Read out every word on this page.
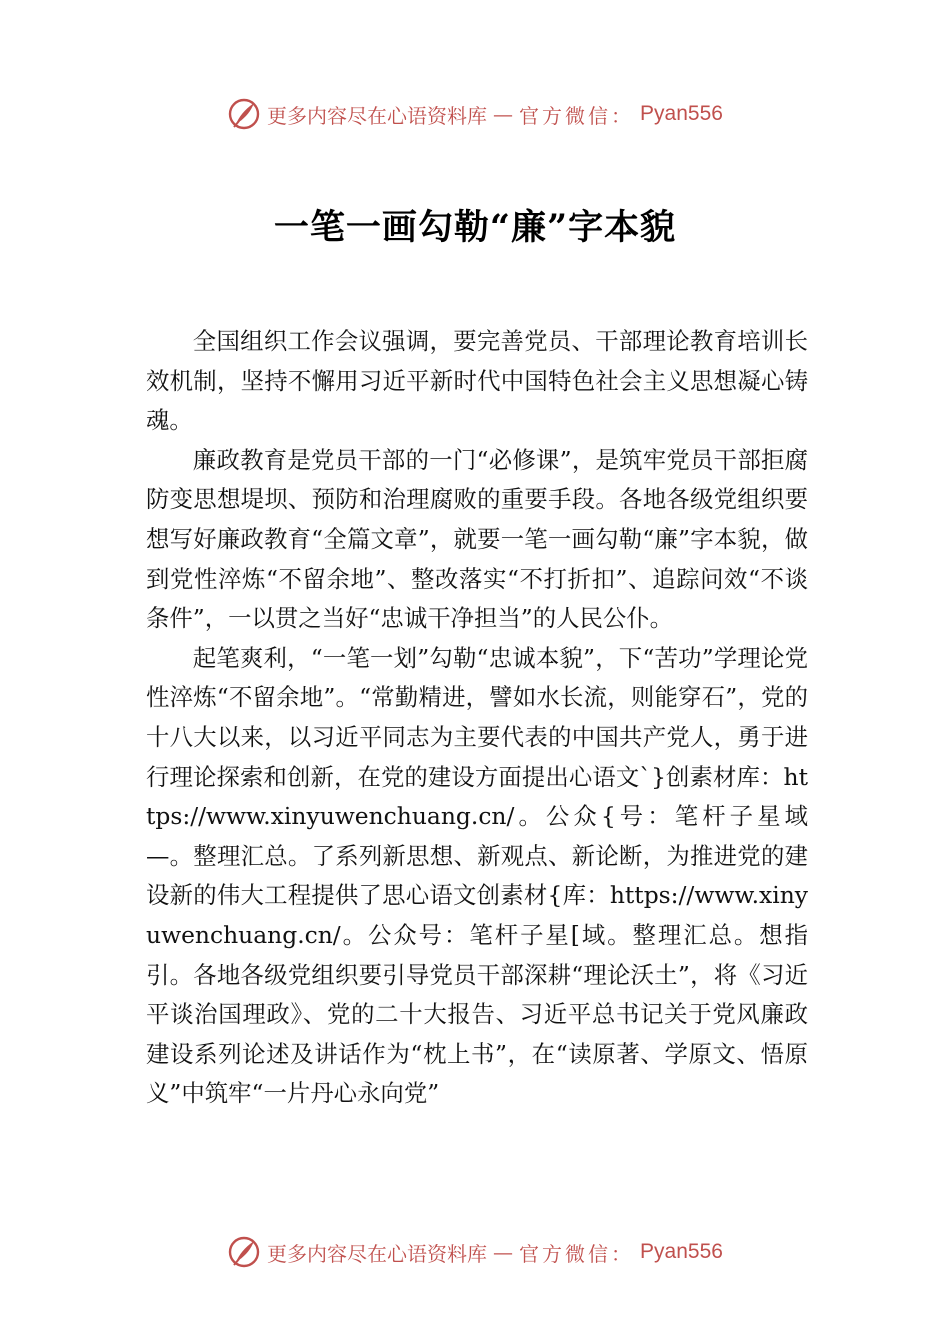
更多内容尽在心语资料库 — 官方微信： Pyan556
一笔一画勾勒“廉”字本貌

全国组织工作会议强调，要完善党员、干部理论教育培训长效机制，坚持不懈用习近平新时代中国特色社会主义思想凝心铸魂。

廉政教育是党员干部的一门“必修课”，是筑牢党员干部拒腐防变思想堤坝、预防和治理腐败的重要手段。各地各级党组织要想写好廉政教育“全篇文章”，就要一笔一画勾勒“廉”字本貌，做到党性淬炼“不留余地”、整改落实“不打折扣”、追踪问效“不谈条件”，一以贯之当好“忠诚干净担当”的人民公仆。

起笔爽利，“一笔一划”勾勒“忠诚本貌”，下“苦功”学理论党性淬炼“不留余地”。“常勤精进，譬如水长流，则能穿石”，党的十八大以来，以习近平同志为主要代表的中国共产党人，勇于进行理论探索和创新，在党的建设方面提出心语文`}创素材库：https://www.xinyuwenchuang.cn/。公众{号：笔杆子星域—。整理汇总。了系列新思想、新观点、新论断，为推进党的建设新的伟大工程提供了思心语文创素材{库：https://www.xinyuwenchuang.cn/。公众号：笔杆子星[域。整理汇总。想指引。各地各级党组织要引导党员干部深耕“理论沃土”，将《习近平谈治国理政》、党的二十大报告、习近平总书记关于党风廉政建设系列论述及讲话作为“枕上书”，在“读原著、学原文、悟原义”中筑牢“一片丹心永向党”

更多内容尽在心语资料库 — 官方微信： Pyan556
